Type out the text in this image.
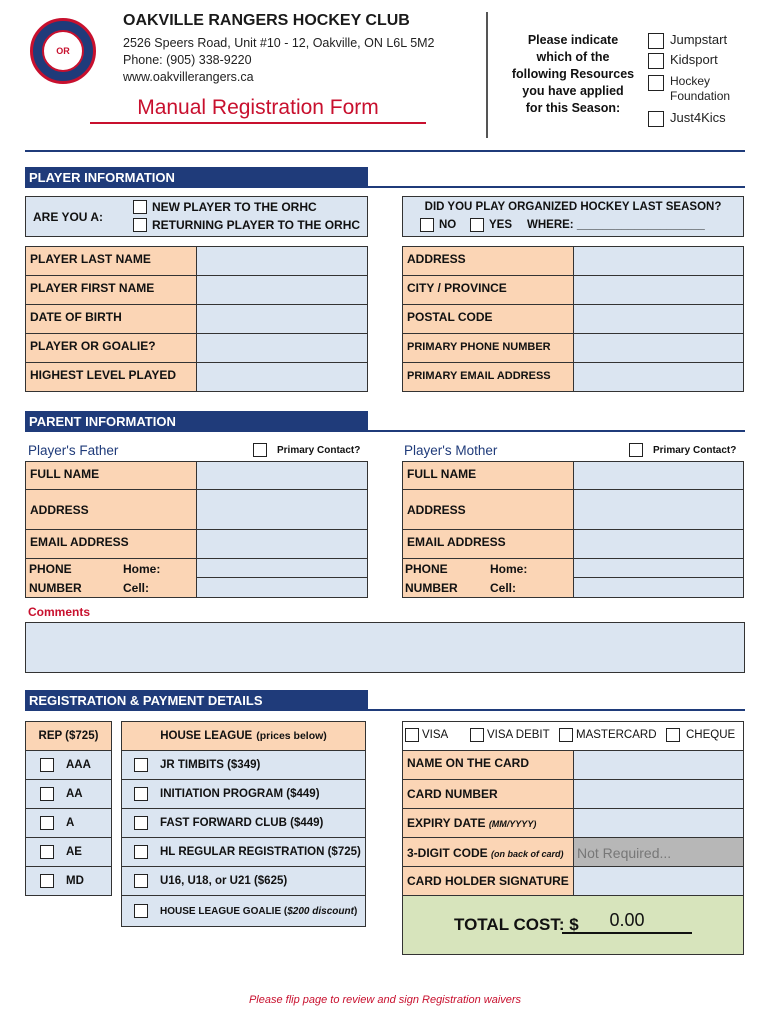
OR
OAKVILLE RANGERS HOCKEY CLUB
2526 Speers Road, Unit #10 - 12, Oakville, ON L6L 5M2
Phone: (905) 338-9220
www.oakvillerangers.ca
Manual Registration Form
Please indicate
which of the
following Resources
you have applied
for this Season:
Jumpstart
Kidsport
Hockey
Foundation
Just4Kics
PLAYER INFORMATION
ARE YOU A:
NEW PLAYER TO THE ORHC
RETURNING PLAYER TO THE ORHC
DID YOU PLAY ORGANIZED HOCKEY LAST SEASON?
NO	YES WHERE: ____________________
PLAYER LAST NAME
PLAYER FIRST NAME
DATE OF BIRTH
PLAYER OR GOALIE?
HIGHEST LEVEL PLAYED
ADDRESS
CITY / PROVINCE
POSTAL CODE
PRIMARY PHONE NUMBER
PRIMARY EMAIL ADDRESS
PARENT INFORMATION
Player's Father	Primary Contact?	Player's Mother	Primary Contact?
FULL NAME
ADDRESS
EMAIL ADDRESS
PHONE
NUMBER
Home:
Cell:
FULL NAME
ADDRESS
EMAIL ADDRESS
PHONE
NUMBER
Home:
Cell:
Comments
REGISTRATION & PAYMENT DETAILS
REP ($725)
AAA
AA
A
AE
MD
HOUSE LEAGUE (prices below)
JR TIMBITS ($349)
INITIATION PROGRAM ($449)
FAST FORWARD CLUB ($449)
HL REGULAR REGISTRATION ($725)
U16, U18, or U21 ($625)
HOUSE LEAGUE GOALIE ($200 discount)
VISA	VISA DEBIT MASTERCARD	CHEQUE
NAME ON THE CARD
CARD NUMBER
EXPIRY DATE (MM/YYYY)
3-DIGIT CODE (on back of card) Not Required...
CARD HOLDER SIGNATURE
TOTAL COST: $	0.00
Please flip page to review and sign Registration waivers
